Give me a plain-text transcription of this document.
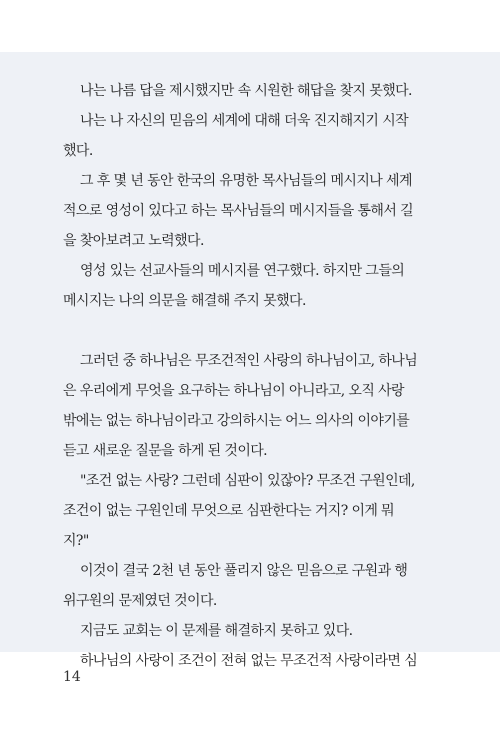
나는 나름 답을 제시했지만 속 시원한 해답을 찾지 못했다.
나는 나 자신의 믿음의 세계에 대해 더욱 진지해지기 시작
했다.
그 후 몇 년 동안 한국의 유명한 목사님들의 메시지나 세계
적으로 영성이 있다고 하는 목사님들의 메시지들을 통해서 길
을 찾아보려고 노력했다.
영성 있는 선교사들의 메시지를 연구했다. 하지만 그들의
메시지는 나의 의문을 해결해 주지 못했다.
그러던 중 하나님은 무조건적인 사랑의 하나님이고, 하나님
은 우리에게 무엇을 요구하는 하나님이 아니라고, 오직 사랑
밖에는 없는 하나님이라고 강의하시는 어느 의사의 이야기를
듣고 새로운 질문을 하게 된 것이다.
"조건 없는 사랑? 그런데 심판이 있잖아? 무조건 구원인데,
조건이 없는 구원인데 무엇으로 심판한다는 거지? 이게 뭐
지?"
이것이 결국 2천 년 동안 풀리지 않은 믿음으로 구원과 행
위구원의 문제였던 것이다.
지금도 교회는 이 문제를 해결하지 못하고 있다.
하나님의 사랑이 조건이 전혀 없는 무조건적 사랑이라면 심
14
